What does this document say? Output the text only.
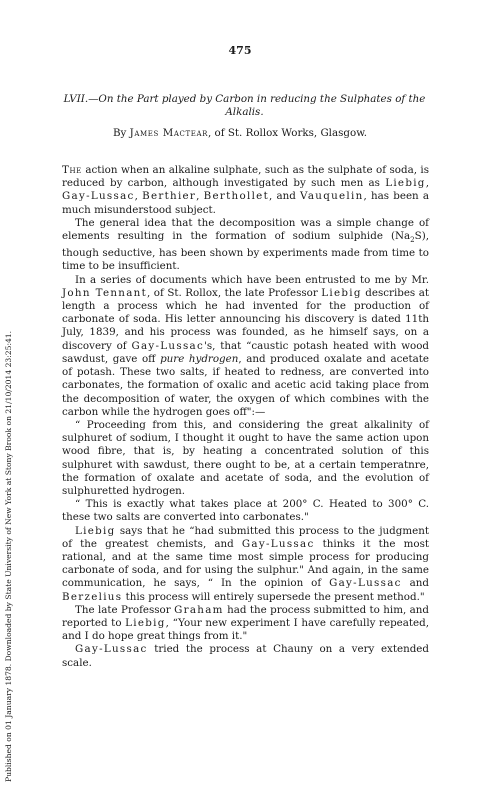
Published on 01 January 1878. Downloaded by State University of New York at Stony Brook on 21/10/2014 23:25:41.
475
LVII.—On the Part played by Carbon in reducing the Sulphates of the
Alkalis.
By James Mactear, of St. Rollox Works, Glasgow.

The action when an alkaline sulphate, such as the sulphate of soda, is reduced by carbon, although investigated by such men as Liebig, Gay-Lussac, Berthier, Berthollet, and Vauquelin, has been a much misunderstood subject.

The general idea that the decomposition was a simple change of elements resulting in the formation of sodium sulphide $(Na_2S)$, though seductive, has been shown by experiments made from time to time to be insufficient.

In a series of documents which have been entrusted to me by Mr. John Tennant, of St. Rollox, the late Professor Liebig describes at length a process which he had invented for the production of carbonate of soda. His letter announcing his discovery is dated 11th July, 1839, and his process was founded, as he himself says, on a discovery of Gay-Lussac's, that “caustic potash heated with wood sawdust, gave off pure hydrogen, and produced oxalate and acetate of potash. These two salts, if heated to redness, are converted into carbonates, the formation of oxalic and acetic acid taking place from the decomposition of water, the oxygen of which combines with the carbon while the hydrogen goes off":—

“ Proceeding from this, and considering the great alkalinity of sulphuret of sodium, I thought it ought to have the same action upon wood fibre, that is, by heating a concentrated solution of this sulphuret with sawdust, there ought to be, at a certain temperatnre, the formation of oxalate and acetate of soda, and the evolution of sulphuretted hydrogen.

“ This is exactly what takes place at 200° C. Heated to 300° C. these two salts are converted into carbonates."

Liebig says that he “had submitted this process to the judgment of the greatest chemists, and Gay-Lussac thinks it the most rational, and at the same time most simple process for producing carbonate of soda, and for using the sulphur." And again, in the same communication, he says, “ In the opinion of Gay-Lussac and Berzelius this process will entirely supersede the present method."

The late Professor Graham had the process submitted to him, and reported to Liebig, “Your new experiment I have carefully repeated, and I do hope great things from it."

Gay-Lussac tried the process at Chauny on a very extended scale.
